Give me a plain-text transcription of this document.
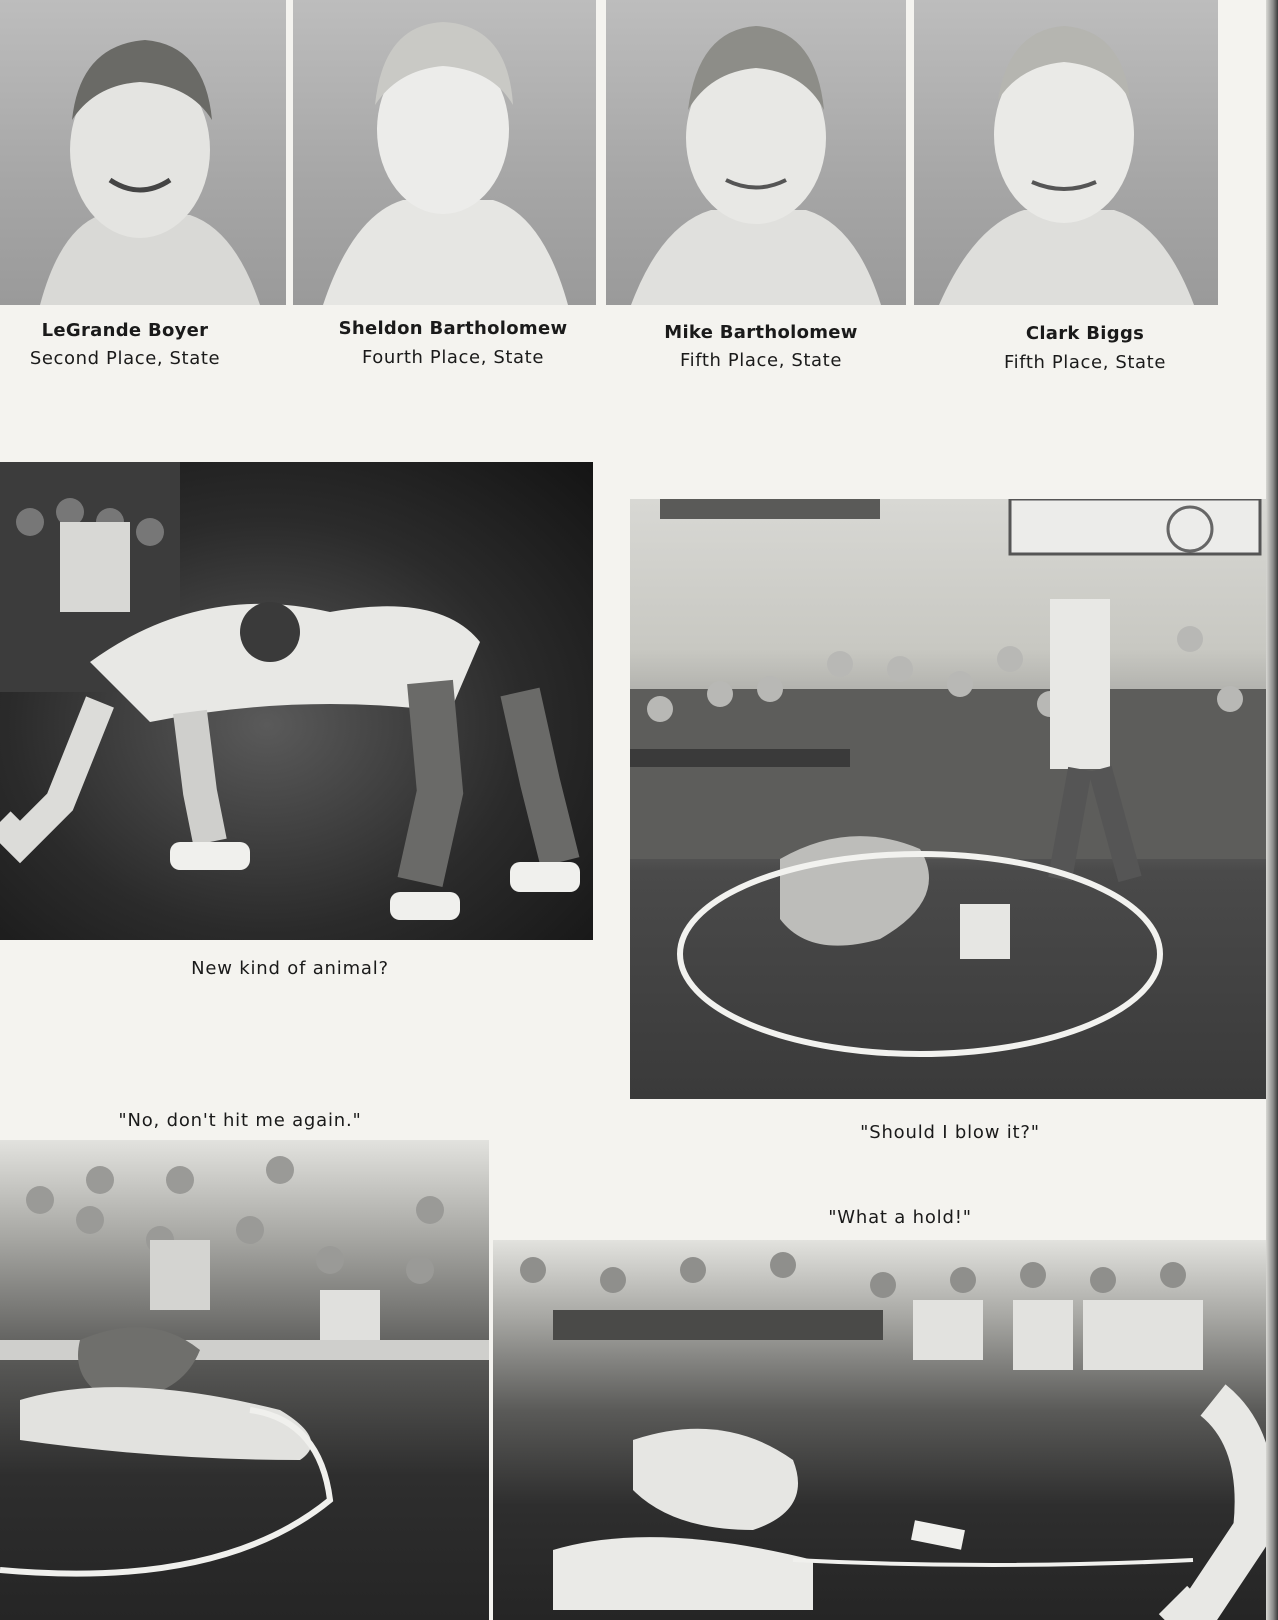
LeGrande Boyer
Second Place, State
Sheldon Bartholomew
Fourth Place, State
Mike Bartholomew
Fifth Place, State
Clark Biggs
Fifth Place, State
New kind of animal?
"Should I blow it?"
"No, don't hit me again."
"What a hold!"
